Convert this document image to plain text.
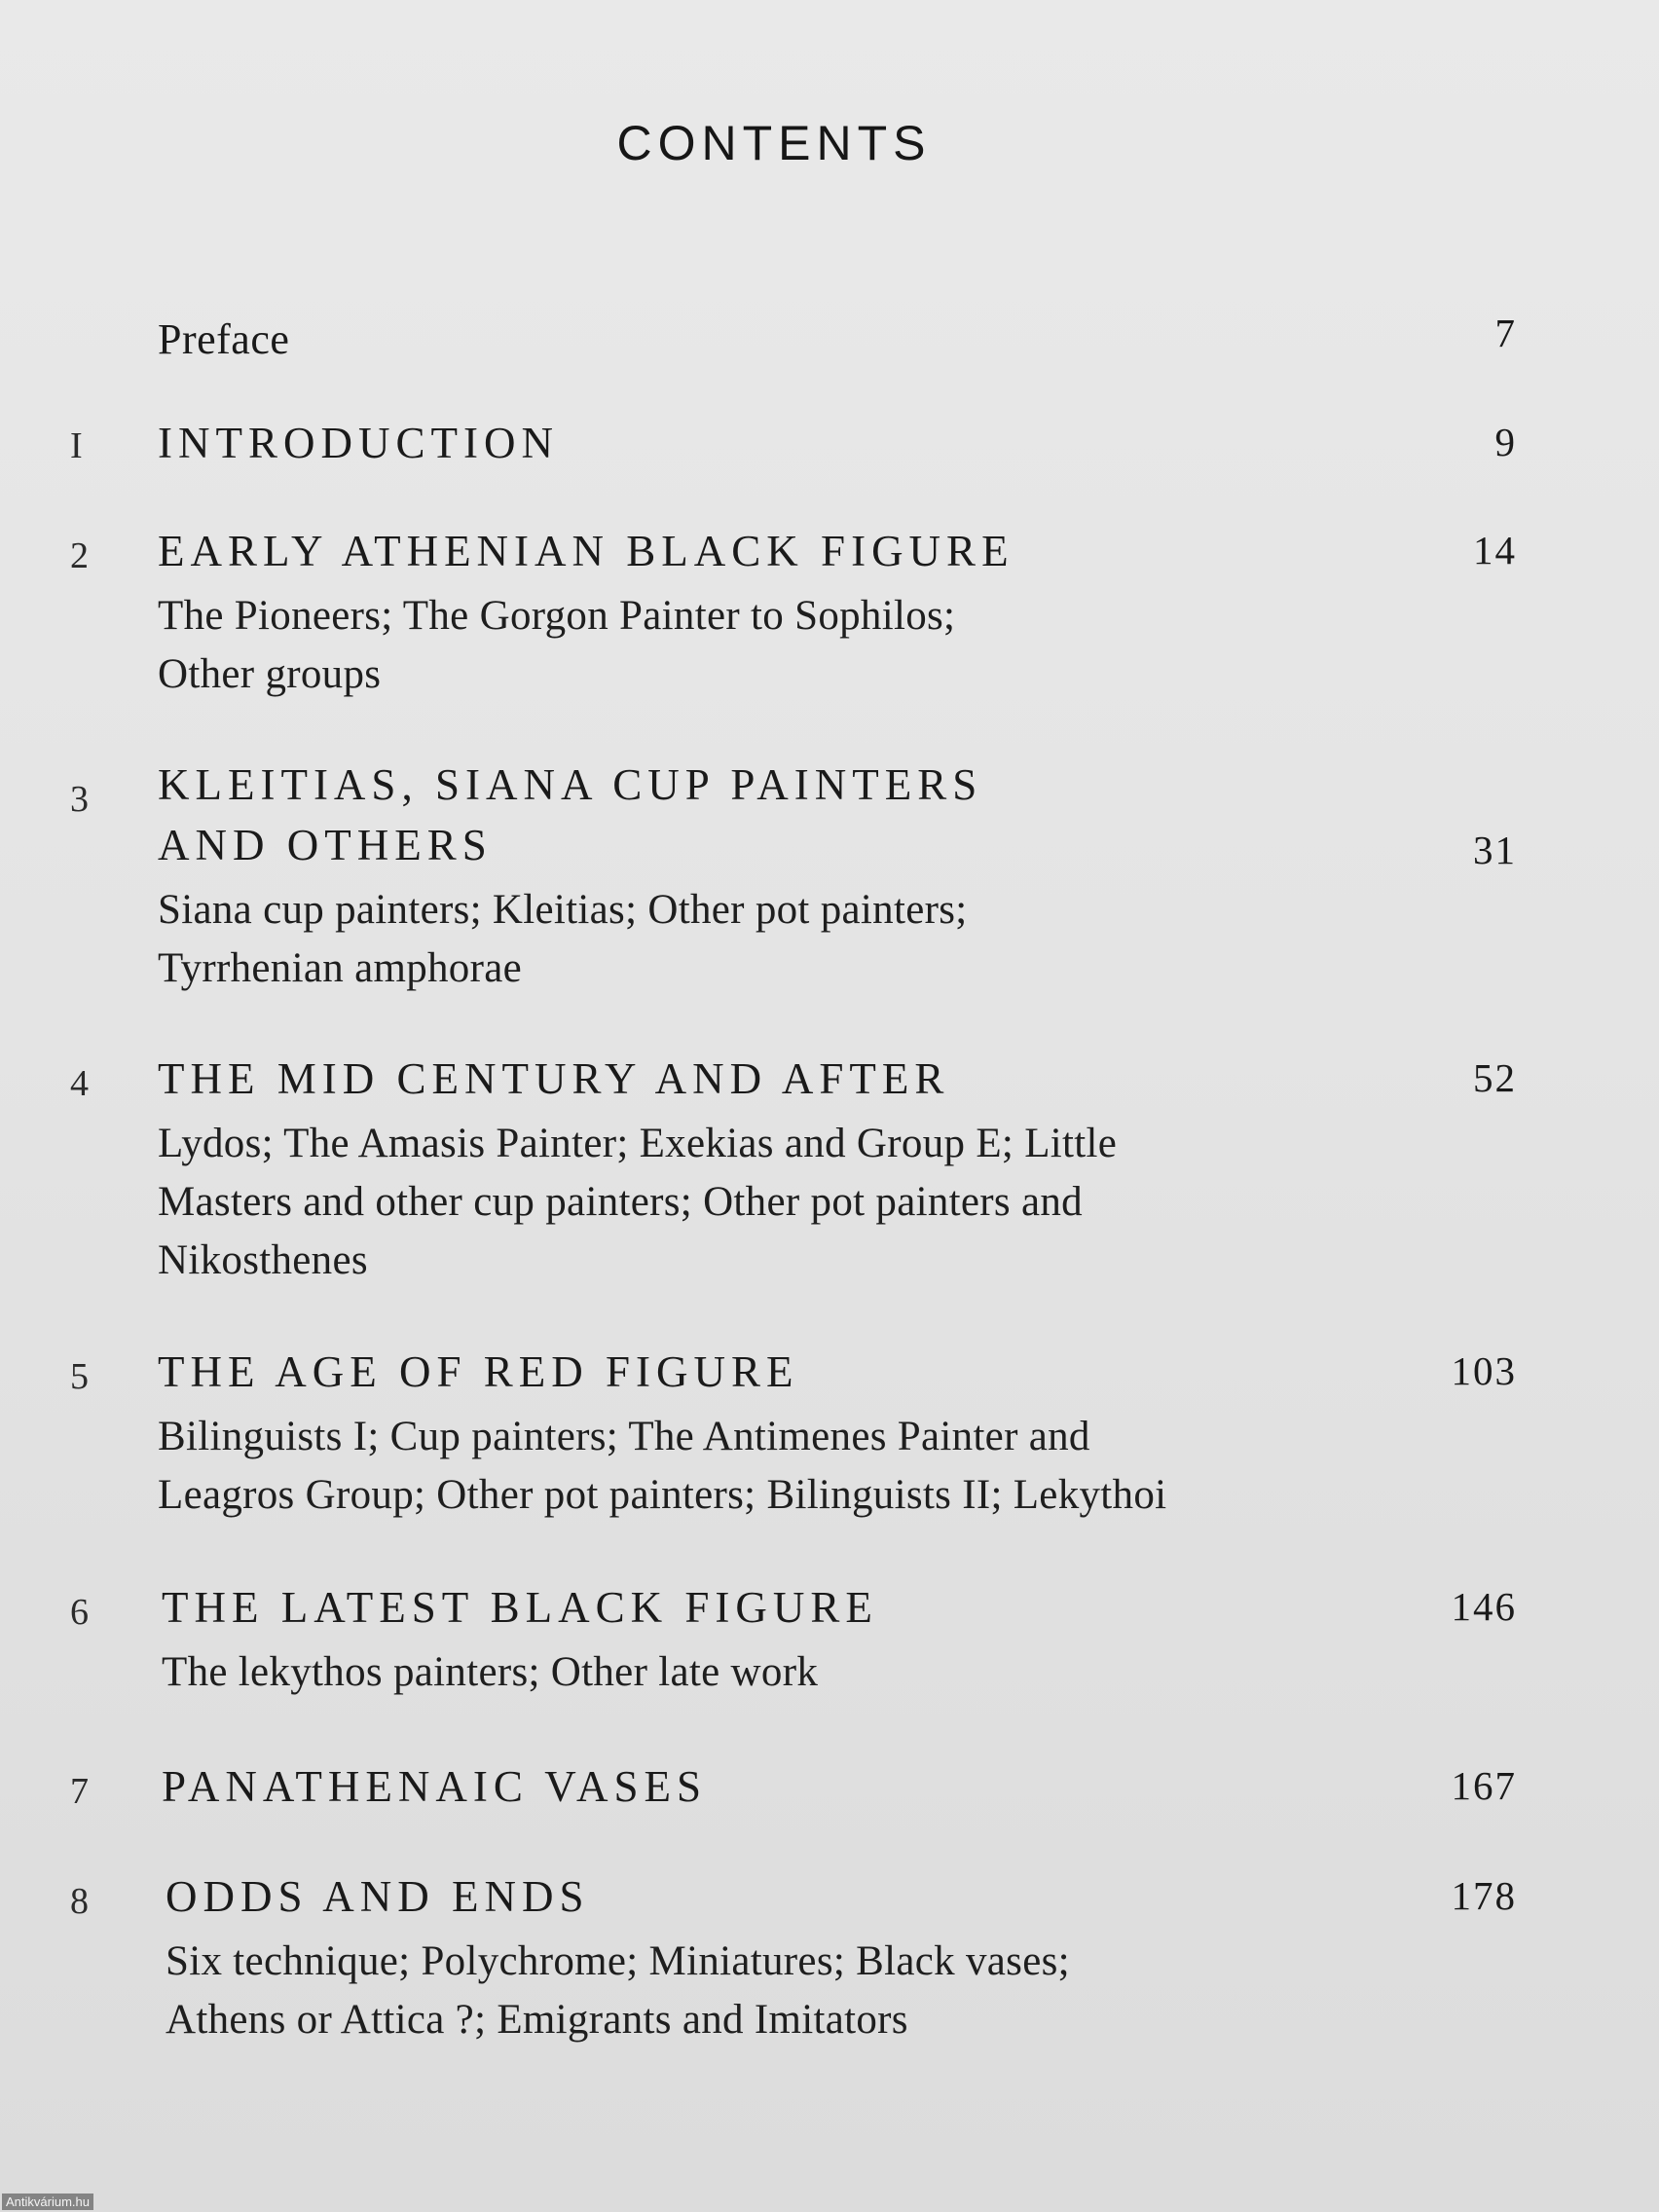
CONTENTS
Preface	7
I INTRODUCTION	9
2 EARLY ATHENIAN BLACK FIGURE	14
The Pioneers; The Gorgon Painter to Sophilos;
Other groups
3 KLEITIAS, SIANA CUP PAINTERS
AND OTHERS	31
Siana cup painters; Kleitias; Other pot painters;
Tyrrhenian amphorae
4 THE MID CENTURY AND AFTER	52
Lydos; The Amasis Painter; Exekias and Group E; Little
Masters and other cup painters; Other pot painters and
Nikosthenes
5 THE AGE OF RED FIGURE	103
Bilinguists I; Cup painters; The Antimenes Painter and
Leagros Group; Other pot painters; Bilinguists II; Lekythoi
6 THE LATEST BLACK FIGURE	146
The lekythos painters; Other late work
7 PANATHENAIC VASES	167
8 ODDS AND ENDS	178
Six technique; Polychrome; Miniatures; Black vases;
Athens or Attica ?; Emigrants and Imitators
Antikvárium.hu
